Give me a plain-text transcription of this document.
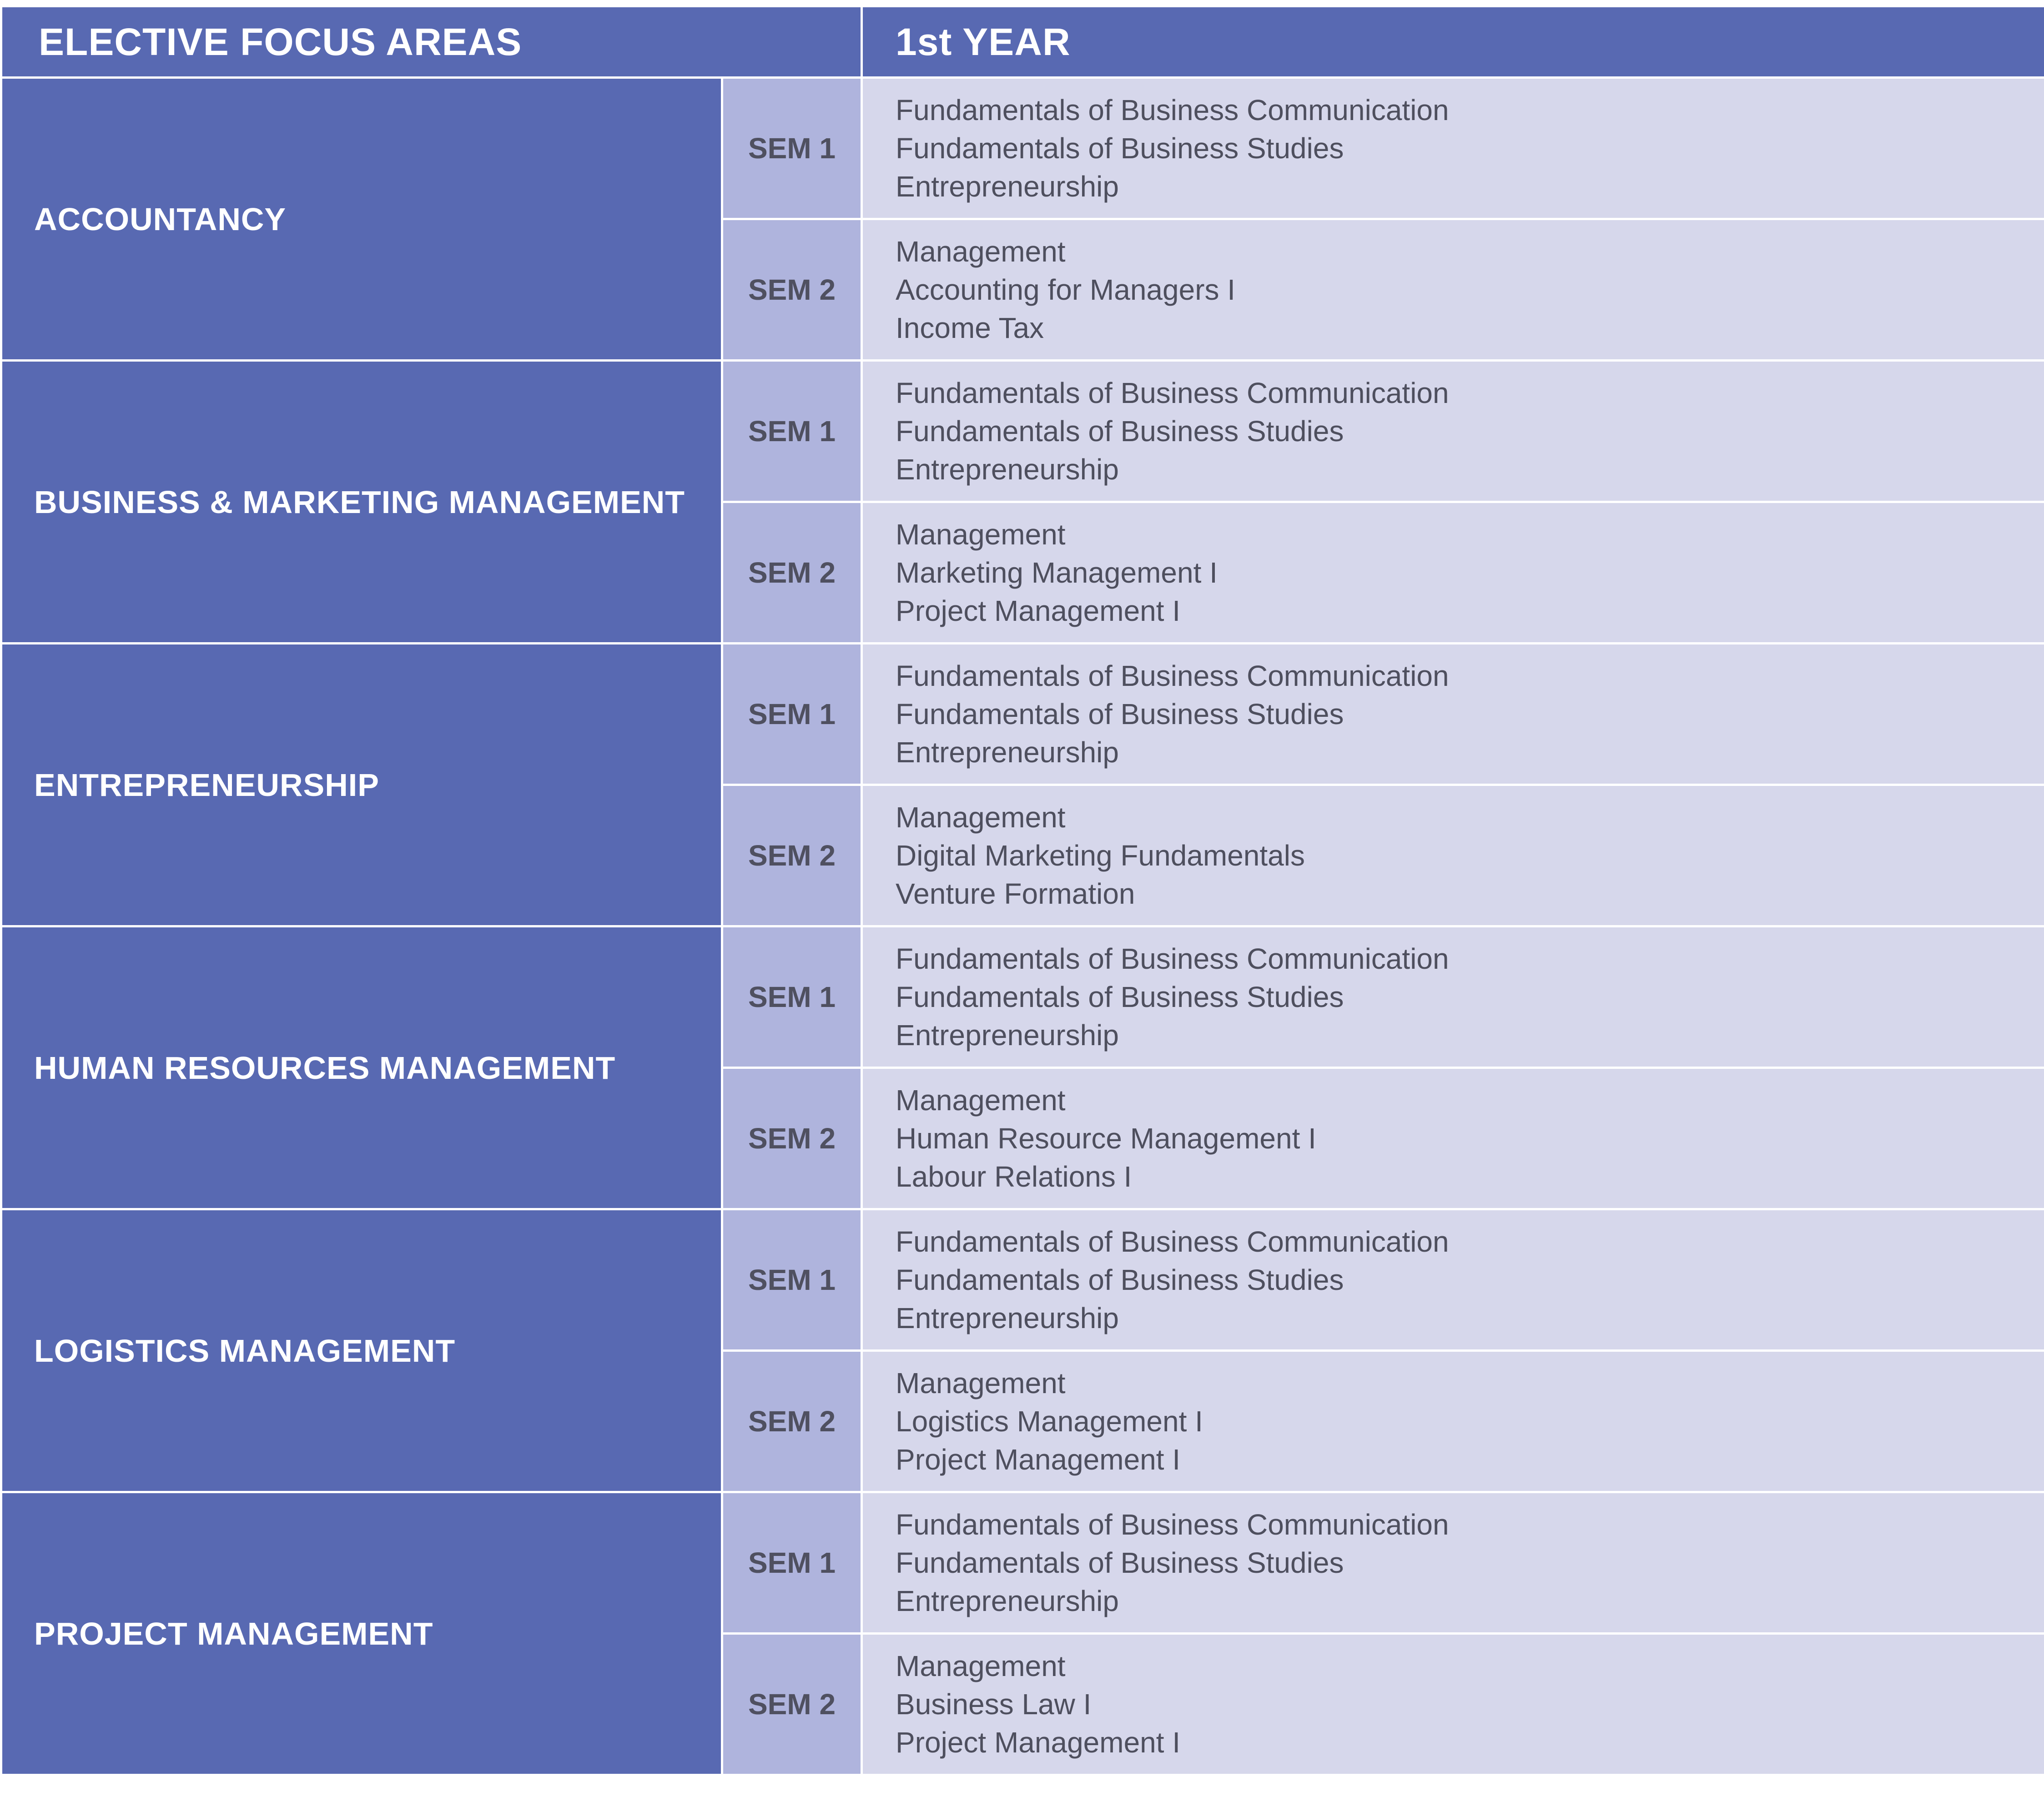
ELECTIVE FOCUS AREAS		1st YEAR
ACCOUNTANCY	SEM 1	Fundamentals of Business Communication
Fundamentals of Business Studies
Entrepreneurship

	SEM 2	Management
Accounting for Managers I
Income Tax

BUSINESS & MARKETING MANAGEMENT	SEM 1	Fundamentals of Business Communication
Fundamentals of Business Studies
Entrepreneurship

	SEM 2	Management
Marketing Management I
Project Management I

ENTREPRENEURSHIP	SEM 1	Fundamentals of Business Communication
Fundamentals of Business Studies
Entrepreneurship

	SEM 2	Management
Digital Marketing Fundamentals
Venture Formation

HUMAN RESOURCES MANAGEMENT	SEM 1	Fundamentals of Business Communication
Fundamentals of Business Studies
Entrepreneurship

	SEM 2	Management
Human Resource Management I
Labour Relations I

LOGISTICS MANAGEMENT	SEM 1	Fundamentals of Business Communication
Fundamentals of Business Studies
Entrepreneurship

	SEM 2	Management
Logistics Management I
Project Management I

PROJECT MANAGEMENT	SEM 1	Fundamentals of Business Communication
Fundamentals of Business Studies
Entrepreneurship

	SEM 2	Management
Business Law I
Project Management I
